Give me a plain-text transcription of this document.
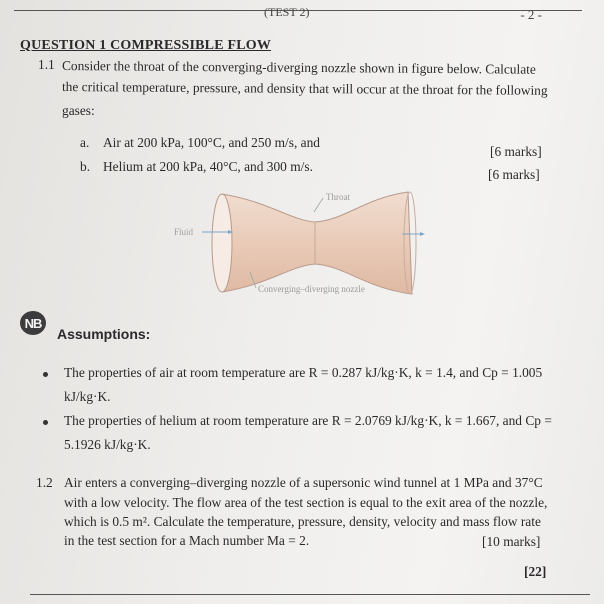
(TEST 2)	- 2 -
QUESTION 1 COMPRESSIBLE FLOW
1.1 Consider the throat of the converging-diverging nozzle shown in figure below. Calculate
the critical temperature, pressure, and density that will occur at the throat for the following
gases:
a. Air at 200 kPa, 100°C, and 250 m/s, and
[6 marks]
b. Helium at 200 kPa, 40°C, and 300 m/s.
[6 marks]
Throat
Fluid
Converging–diverging nozzle
NB
Assumptions:
The properties of air at room temperature are R = 0.287 kJ/kg·K, k = 1.4, and Cp = 1.005
kJ/kg·K.
The properties of helium at room temperature are R = 2.0769 kJ/kg·K, k = 1.667, and Cp =
5.1926 kJ/kg·K.
1.2 Air enters a converging–diverging nozzle of a supersonic wind tunnel at 1 MPa and 37°C
with a low velocity. The flow area of the test section is equal to the exit area of the nozzle,
which is 0.5 m². Calculate the temperature, pressure, density, velocity and mass flow rate
in the test section for a Mach number Ma = 2.	[10 marks]
[22]
